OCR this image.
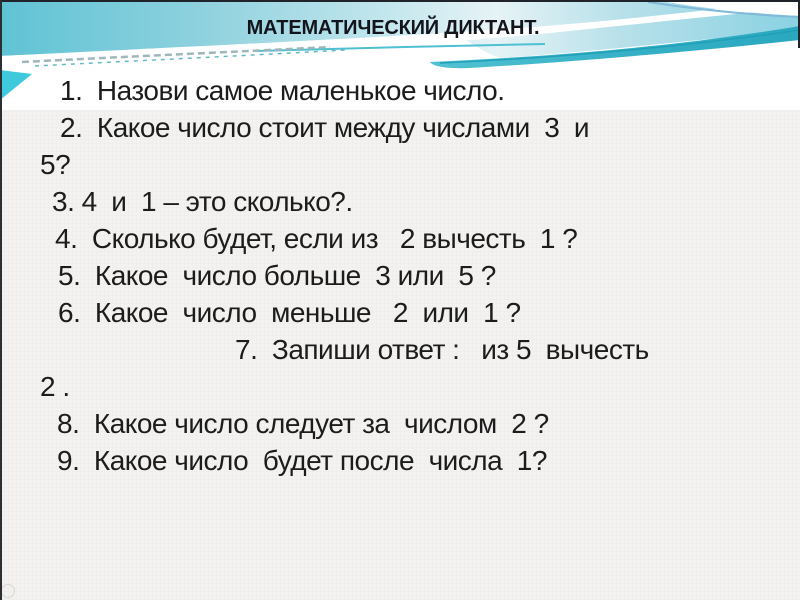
МАТЕМАТИЧЕСКИЙ ДИКТАНТ.
1.  Назови самое маленькое число.
2.  Какое число стоит между числами  3  и
5?
3. 4  и  1 – это сколько?.
4.  Сколько будет, если из   2 вычесть  1 ?
5.  Какое  число больше  3 или  5 ?
6.  Какое  число  меньше   2  или  1 ?
7.  Запиши ответ :   из 5  вычесть
2 .
8.  Какое число следует за  числом  2 ?
9.  Какое число  будет после  числа  1?
